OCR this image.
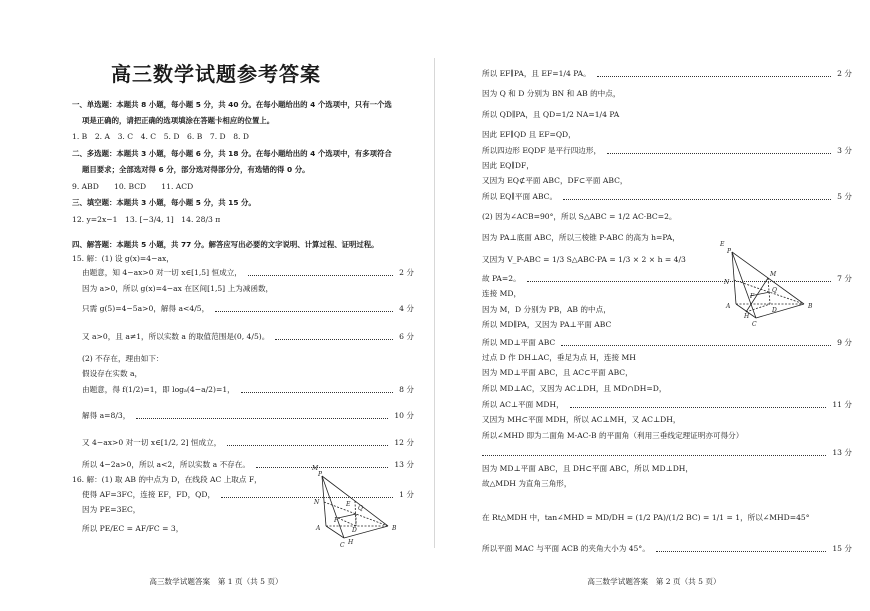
高三数学试题参考答案
一、单选题：本题共 8 小题，每小题 5 分，共 40 分。在每小题给出的 4 个选项中，只有一个选
项是正确的，请把正确的选项填涂在答题卡相应的位置上。
1. B　2. A　3. C　4. C　5. D　6. B　7. D　8. D
二、多选题：本题共 3 小题，每小题 6 分，共 18 分。在每小题给出的 4 个选项中，有多项符合
题目要求；全部选对得 6 分，部分选对得部分分，有选错的得 0 分。
9. ABD　　10. BCD　　11. ACD
三、填空题：本题共 3 小题，每小题 5 分，共 15 分。
12. y=2x−1　13. [−3/4, 1]　14. 28/3 π
四、解答题：本题共 5 小题，共 77 分。解答应写出必要的文字说明、计算过程、证明过程。
15. 解：(1) 设 g(x)=4−ax，
由题意，知 4−ax>0 对一切 x∈[1,5] 恒成立，	2 分
因为 a>0，所以 g(x)=4−ax 在区间[1,5] 上为减函数，
只需 g(5)=4−5a>0，解得 a<4/5，	4 分
又 a>0，且 a≠1，所以实数 a 的取值范围是(0, 4/5)。	6 分
(2) 不存在，理由如下：
假设存在实数 a，
由题意，得 f(1/2)=1，即 logₐ(4−a/2)=1，	8 分
解得 a=8/3，	10 分
又 4−ax>0 对一切 x∈[1/2, 2] 恒成立，	12 分
所以 4−2a>0，所以 a<2，所以实数 a 不存在。	13 分
16. 解：(1) 取 AB 的中点为 D，在线段 AC 上取点 F，
使得 AF=3FC，连接 EF，FD，QD，	1 分
因为 PE=3EC，
所以 PE/EC = AF/FC = 3，
P
N
A
E
F
D
Q
M
H
C
B
高三数学试题答案　第 1 页（共 5 页）
所以 EF∥PA，且 EF=1/4 PA。	2 分
因为 Q 和 D 分别为 BN 和 AB 的中点，
所以 QD∥PA，且 QD=1/2 NA=1/4 PA
因此 EF∥QD 且 EF=QD，
所以四边形 EQDF 是平行四边形，	3 分
因此 EQ∥DF，
又因为 EQ⊄平面 ABC，DF⊂平面 ABC，
所以 EQ∥平面 ABC。	5 分
(2) 因为∠ACB=90°，所以 S△ABC = 1/2 AC·BC=2。
因为 PA⊥底面 ABC，所以三棱锥 P-ABC 的高为 h=PA，
又因为 V_P-ABC = 1/3 S△ABC·PA = 1/3 × 2 × h = 4/3
故 PA=2。	7 分
连接 MD，
因为 M，D 分别为 PB，AB 的中点，
所以 MD∥PA，又因为 PA⊥平面 ABC
所以 MD⊥平面 ABC	9 分
过点 D 作 DH⊥AC，垂足为点 H，连接 MH
因为 MD⊥平面 ABC，且 AC⊂平面 ABC，
所以 MD⊥AC，又因为 AC⊥DH，且 MD∩DH=D，
所以 AC⊥平面 MDH，	11 分
又因为 MH⊂平面 MDH，所以 AC⊥MH，又 AC⊥DH，
所以∠MHD 即为二面角 M-AC-B 的平面角（利用三垂线定理证明亦可得分）
13 分
因为 MD⊥平面 ABC，且 DH⊂平面 ABC，所以 MD⊥DH，
故△MDH 为直角三角形，
在 Rt△MDH 中，tan∠MHD = MD/DH = (1/2 PA)/(1/2 BC) = 1/1 = 1，所以∠MHD=45°
所以平面 MAC 与平面 ACB 的夹角大小为 45°。	15 分
P
N
A
E
F
D
Q
M
H
C
B
高三数学试题答案　第 2 页（共 5 页）
